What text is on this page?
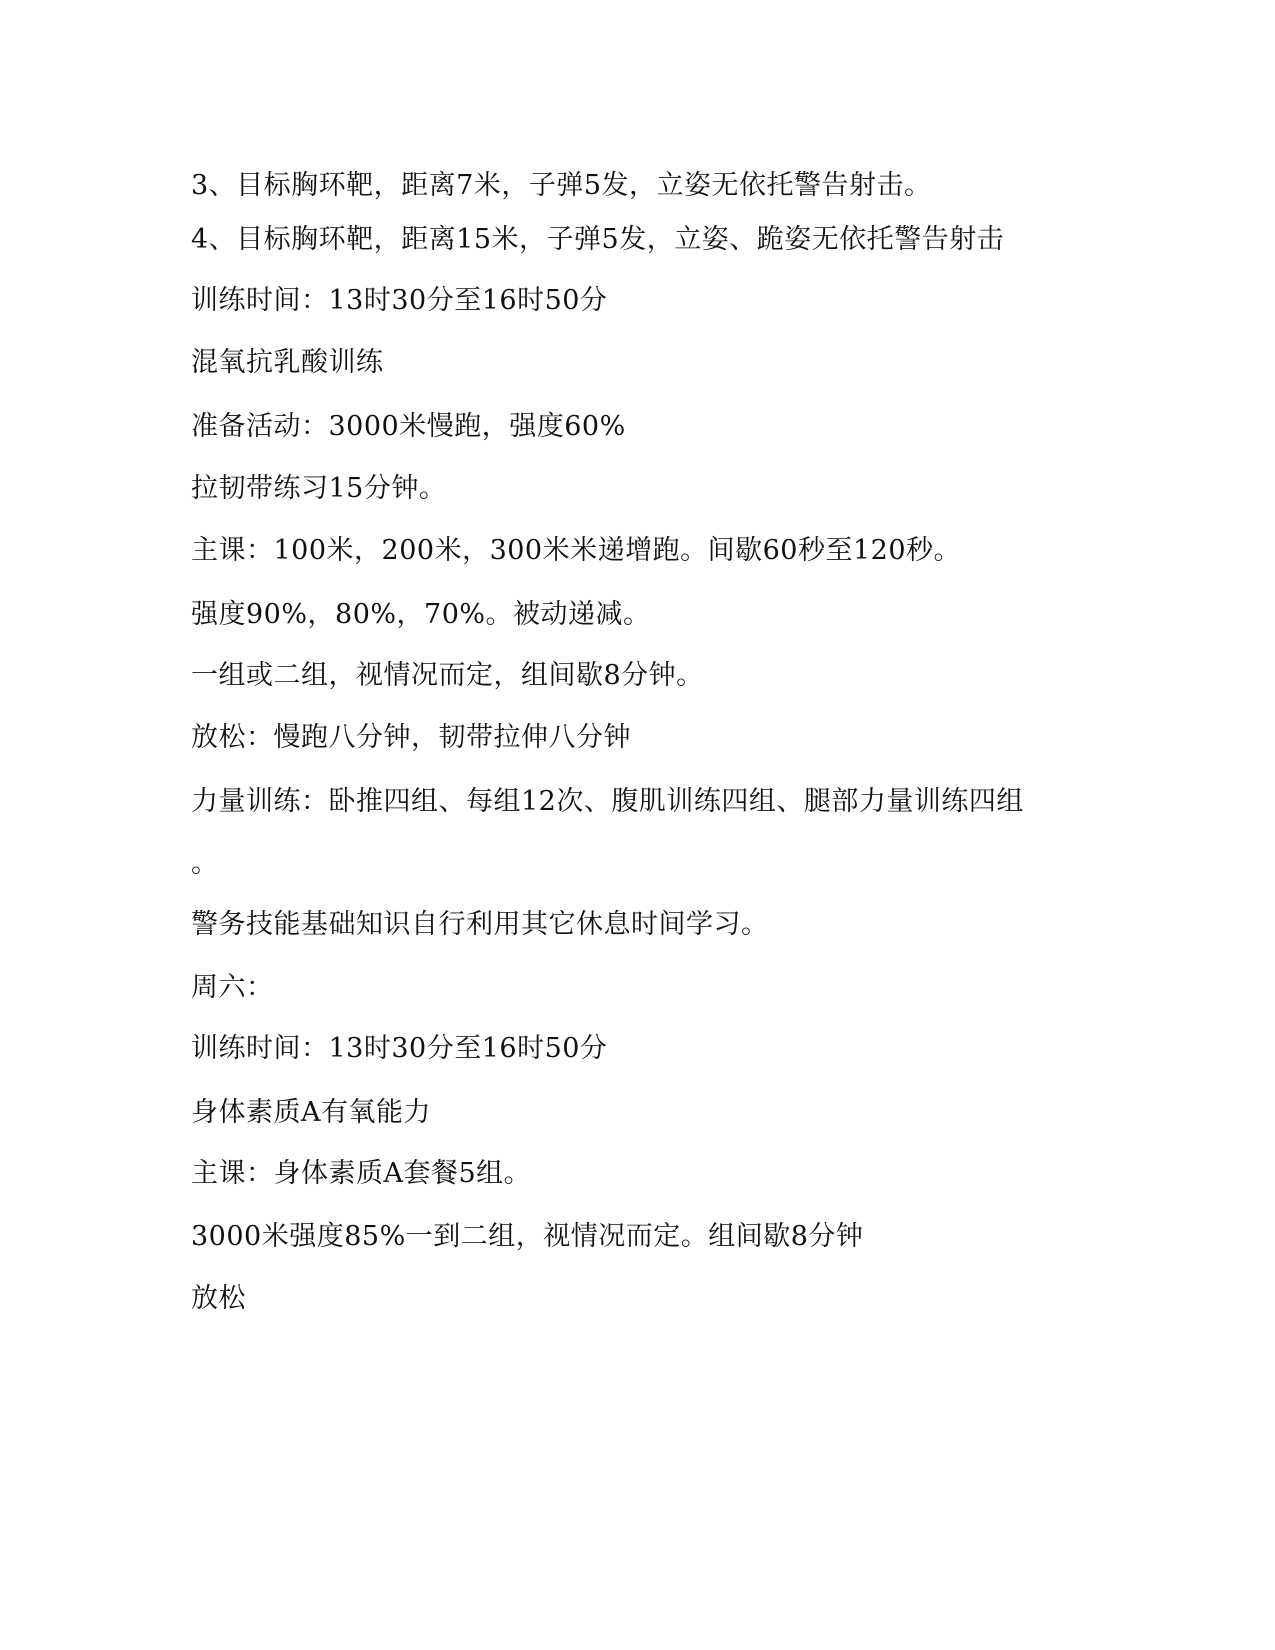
3、目标胸环靶，距离7米，子弹5发，立姿无依托警告射击。
4、目标胸环靶，距离15米，子弹5发，立姿、跪姿无依托警告射击
训练时间：13时30分至16时50分
混氧抗乳酸训练
准备活动：3000米慢跑，强度60%
拉韧带练习15分钟。
主课：100米，200米，300米米递增跑。间歇60秒至120秒。
强度90%，80%，70%。被动递减。
一组或二组，视情况而定，组间歇8分钟。
放松：慢跑八分钟，韧带拉伸八分钟
力量训练：卧推四组、每组12次、腹肌训练四组、腿部力量训练四组
。
警务技能基础知识自行利用其它休息时间学习。
周六：
训练时间：13时30分至16时50分
身体素质A有氧能力
主课：身体素质A套餐5组。
3000米强度85%一到二组，视情况而定。组间歇8分钟
放松
